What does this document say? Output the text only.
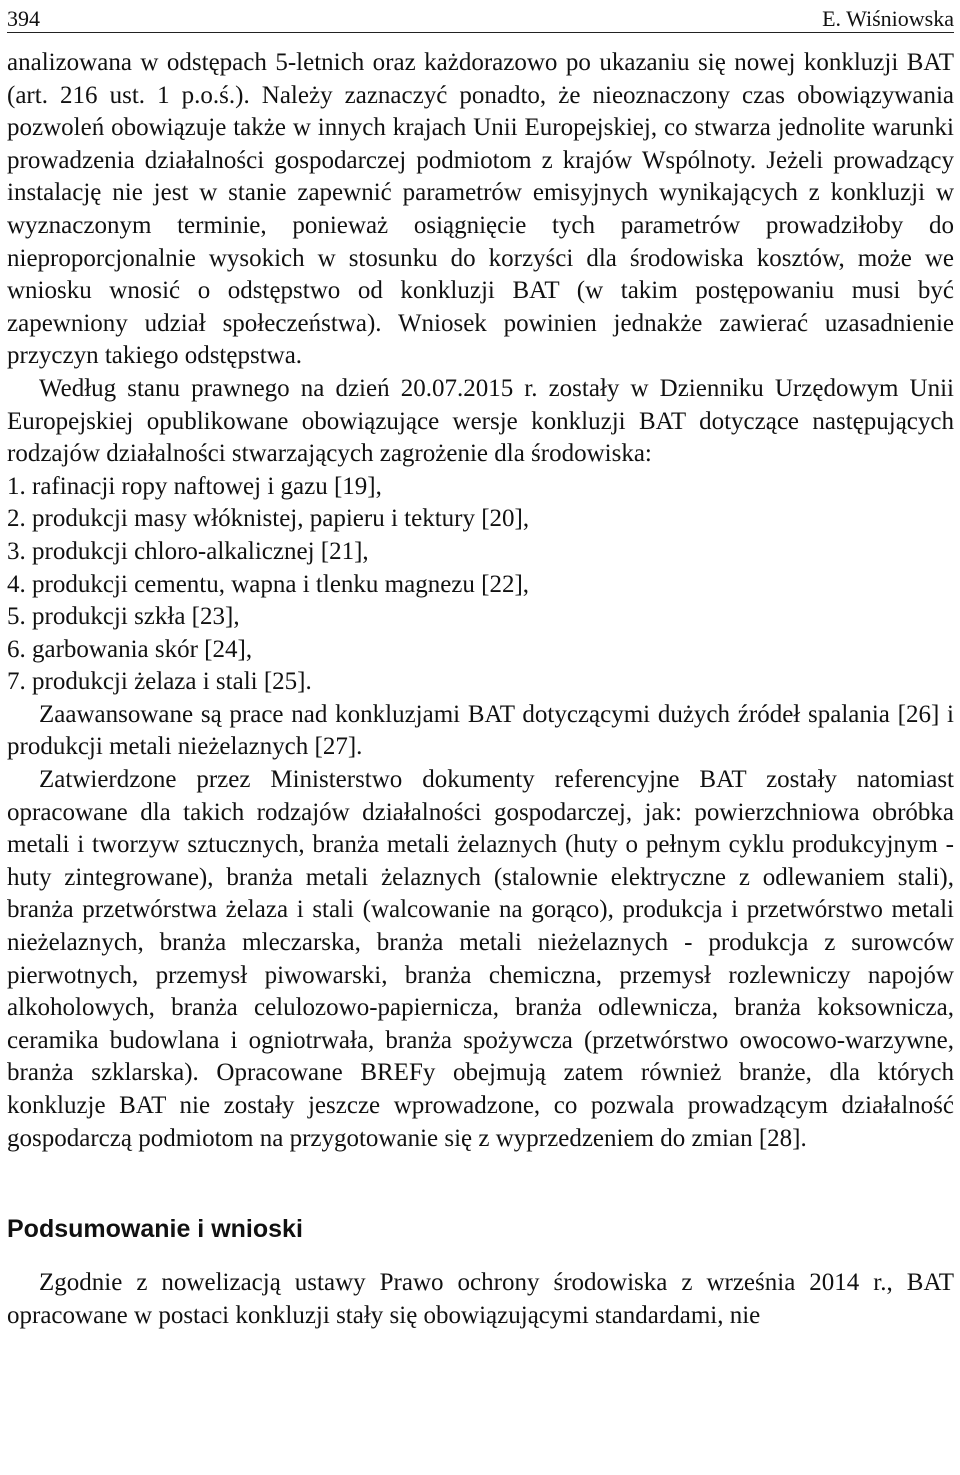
394	E. Wiśniowska

analizowana w odstępach 5-letnich oraz każdorazowo po ukazaniu się nowej konkluzji BAT (art. 216 ust. 1 p.o.ś.). Należy zaznaczyć ponadto, że nieoznaczony czas obowiązywania pozwoleń obowiązuje także w innych krajach Unii Europejskiej, co stwarza jednolite warunki prowadzenia działalności gospodarczej podmiotom z krajów Wspólnoty. Jeżeli prowadzący instalację nie jest w stanie zapewnić parametrów emisyjnych wynikających z konkluzji w wyznaczonym terminie, ponieważ osiągnięcie tych parametrów prowadziłoby do nieproporcjonalnie wysokich w stosunku do korzyści dla środowiska kosztów, może we wniosku wnosić o odstępstwo od konkluzji BAT (w takim postępowaniu musi być zapewniony udział społeczeństwa). Wniosek powinien jednakże zawierać uzasadnienie przyczyn takiego odstępstwa.

Według stanu prawnego na dzień 20.07.2015 r. zostały w Dzienniku Urzędowym Unii Europejskiej opublikowane obowiązujące wersje konkluzji BAT dotyczące następujących rodzajów działalności stwarzających zagrożenie dla środowiska:

1. rafinacji ropy naftowej i gazu [19],
2. produkcji masy włóknistej, papieru i tektury [20],
3. produkcji chloro-alkalicznej [21],
4. produkcji cementu, wapna i tlenku magnezu [22],
5. produkcji szkła [23],
6. garbowania skór [24],
7. produkcji żelaza i stali [25].

Zaawansowane są prace nad konkluzjami BAT dotyczącymi dużych źródeł spalania [26] i produkcji metali nieżelaznych [27].

Zatwierdzone przez Ministerstwo dokumenty referencyjne BAT zostały natomiast opracowane dla takich rodzajów działalności gospodarczej, jak: powierzchniowa obróbka metali i tworzyw sztucznych, branża metali żelaznych (huty o pełnym cyklu produkcyjnym - huty zintegrowane), branża metali żelaznych (stalownie elektryczne z odlewaniem stali), branża przetwórstwa żelaza i stali (walcowanie na gorąco), produkcja i przetwórstwo metali nieżelaznych, branża mleczarska, branża metali nieżelaznych - produkcja z surowców pierwotnych, przemysł piwowarski, branża chemiczna, przemysł rozlewniczy napojów alkoholowych, branża celulozowo-papiernicza, branża odlewnicza, branża koksownicza, ceramika budowlana i ogniotrwała, branża spożywcza (przetwórstwo owocowo-warzywne, branża szklarska). Opracowane BREFy obejmują zatem również branże, dla których konkluzje BAT nie zostały jeszcze wprowadzone, co pozwala prowadzącym działalność gospodarczą podmiotom na przygotowanie się z wyprzedzeniem do zmian [28].

Podsumowanie i wnioski

Zgodnie z nowelizacją ustawy Prawo ochrony środowiska z września 2014 r., BAT opracowane w postaci konkluzji stały się obowiązującymi standardami, nie
